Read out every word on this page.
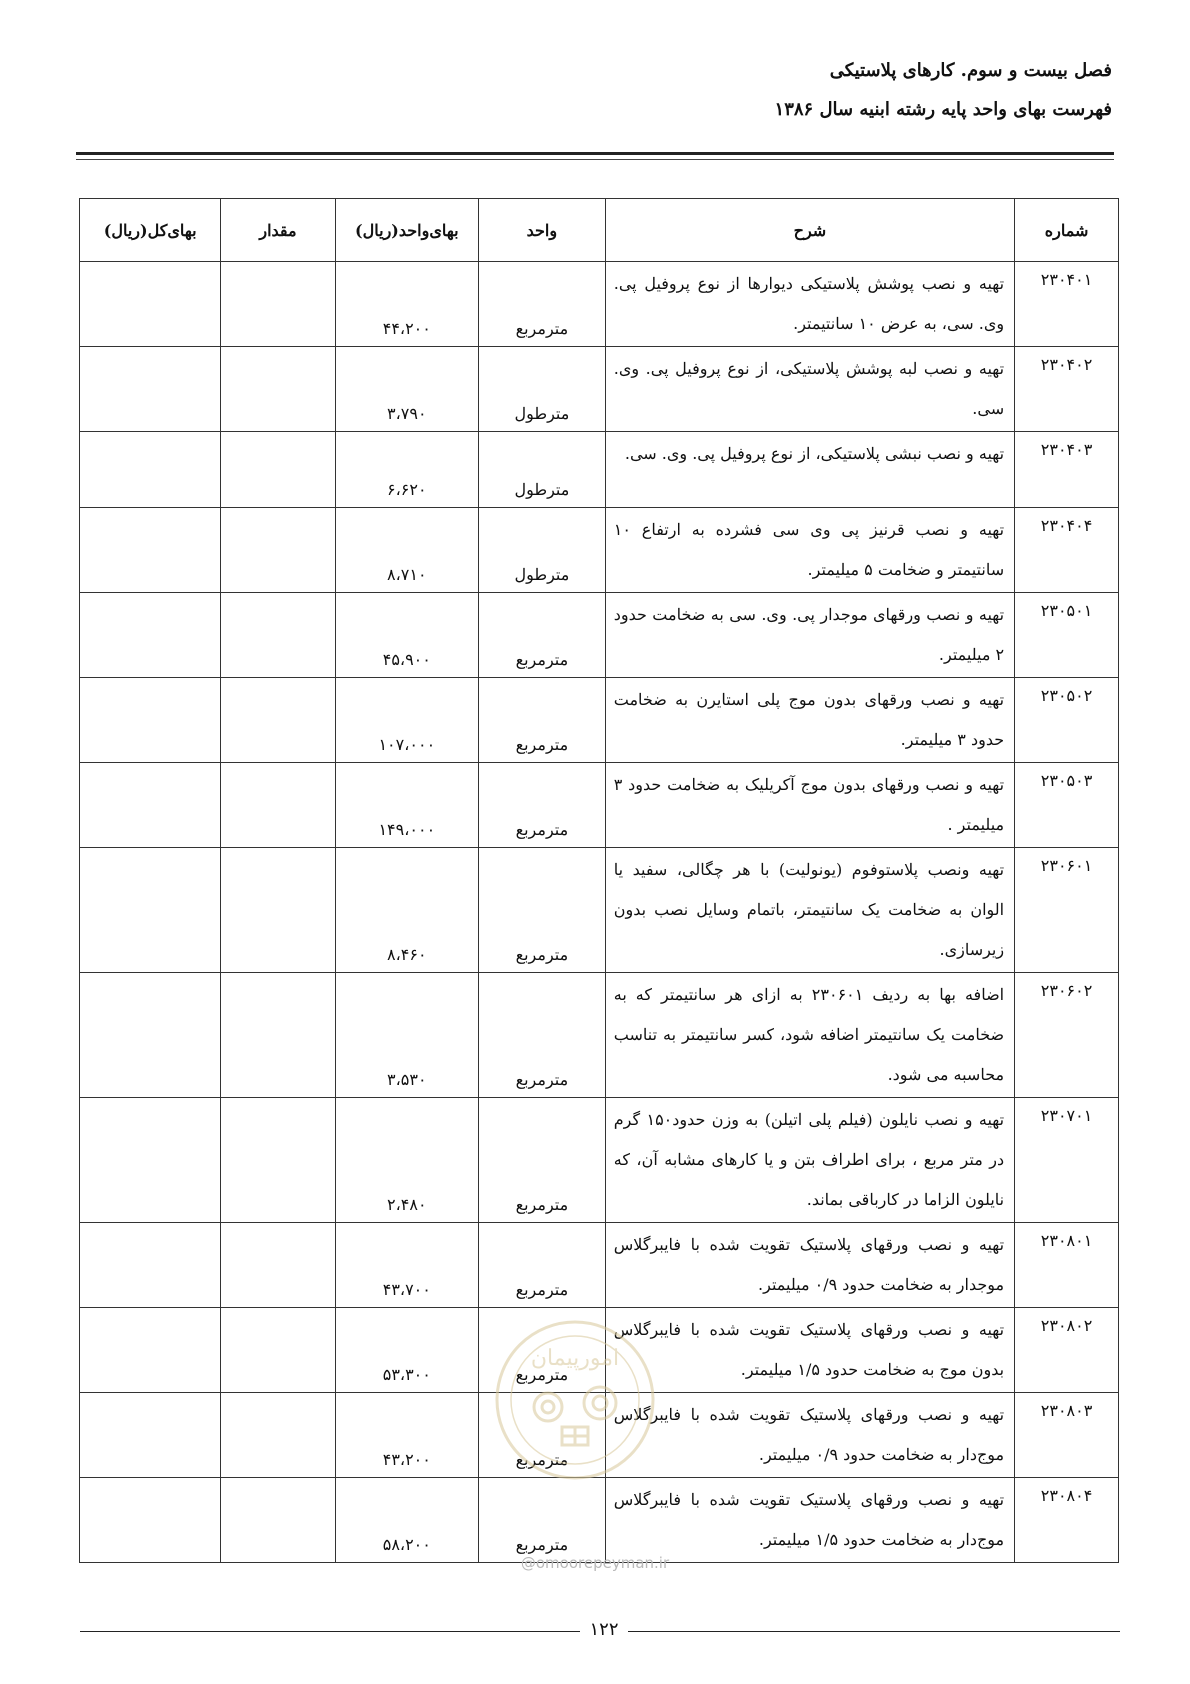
فصل بیست و سوم. کارهای پلاستیکی
فهرست بهای واحد پایه رشته ابنیه سال ۱۳۸۶
شماره	شرح	واحد	بهای‌واحد(ریال)	مقدار	بهای‌کل(ریال)
۲۳۰۴۰۱	تهیه و نصب پوشش پلاستیکی دیوارها از نوع پروفیل پی. وی. سی، به عرض ۱۰ سانتیمتر.	مترمربع	۴۴،۲۰۰		
۲۳۰۴۰۲	تهیه و نصب لبه پوشش پلاستیکی، از نوع پروفیل پی. وی. سی.	مترطول	۳،۷۹۰		
۲۳۰۴۰۳	تهیه و نصب نبشی پلاستیکی، از نوع پروفیل پی. وی. سی.	مترطول	۶،۶۲۰		
۲۳۰۴۰۴	تهیه و نصب قرنیز پی وی سی فشرده به ارتفاع ۱۰ سانتیمتر و ضخامت ۵ میلیمتر.	مترطول	۸،۷۱۰		
۲۳۰۵۰۱	تهیه و نصب ورقهای موجدار پی. وی. سی به ضخامت حدود ۲ میلیمتر.	مترمربع	۴۵،۹۰۰		
۲۳۰۵۰۲	تهیه و نصب ورقهای بدون موج پلی استایرن به ضخامت حدود ۳ میلیمتر.	مترمربع	۱۰۷،۰۰۰		
۲۳۰۵۰۳	تهیه و نصب ورقهای بدون موج آکریلیک به ضخامت حدود ۳ میلیمتر .	مترمربع	۱۴۹،۰۰۰		
۲۳۰۶۰۱	تهیه ونصب پلاستوفوم (یونولیت) با هر چگالی، سفید یا الوان به ضخامت یک سانتیمتر، باتمام وسایل نصب بدون زیرسازی.	مترمربع	۸،۴۶۰		
۲۳۰۶۰۲	اضافه بها به ردیف ۲۳۰۶۰۱ به ازای هر سانتیمتر که به ضخامت یک سانتیمتر اضافه شود، کسر سانتیمتر به تناسب محاسبه می شود.	مترمربع	۳،۵۳۰		
۲۳۰۷۰۱	تهیه و نصب نایلون (فیلم پلی اتیلن) به وزن حدود۱۵۰ گرم در متر مربع ، برای اطراف بتن و یا کارهای مشابه آن، که نایلون الزاما در کارباقی بماند.	مترمربع	۲،۴۸۰		
۲۳۰۸۰۱	تهیه و نصب ورقهای پلاستیک تقویت شده با فایبرگلاس موجدار به ضخامت حدود ۰/۹ میلیمتر.	مترمربع	۴۳،۷۰۰		
۲۳۰۸۰۲	تهیه و نصب ورقهای پلاستیک تقویت شده با فایبرگلاس بدون موج به ضخامت حدود ۱/۵ میلیمتر.	مترمربع	۵۳،۳۰۰		
۲۳۰۸۰۳	تهیه و نصب ورقهای پلاستیک تقویت شده با فایبرگلاس موج‌دار به ضخامت حدود ۰/۹ میلیمتر.	مترمربع	۴۳،۲۰۰		
۲۳۰۸۰۴	تهیه و نصب ورقهای پلاستیک تقویت شده با فایبرگلاس موج‌دار به ضخامت حدود ۱/۵ میلیمتر.	مترمربع	۵۸،۲۰۰		
امورپیمان
@omoorepeyman.ir
۱۲۲
